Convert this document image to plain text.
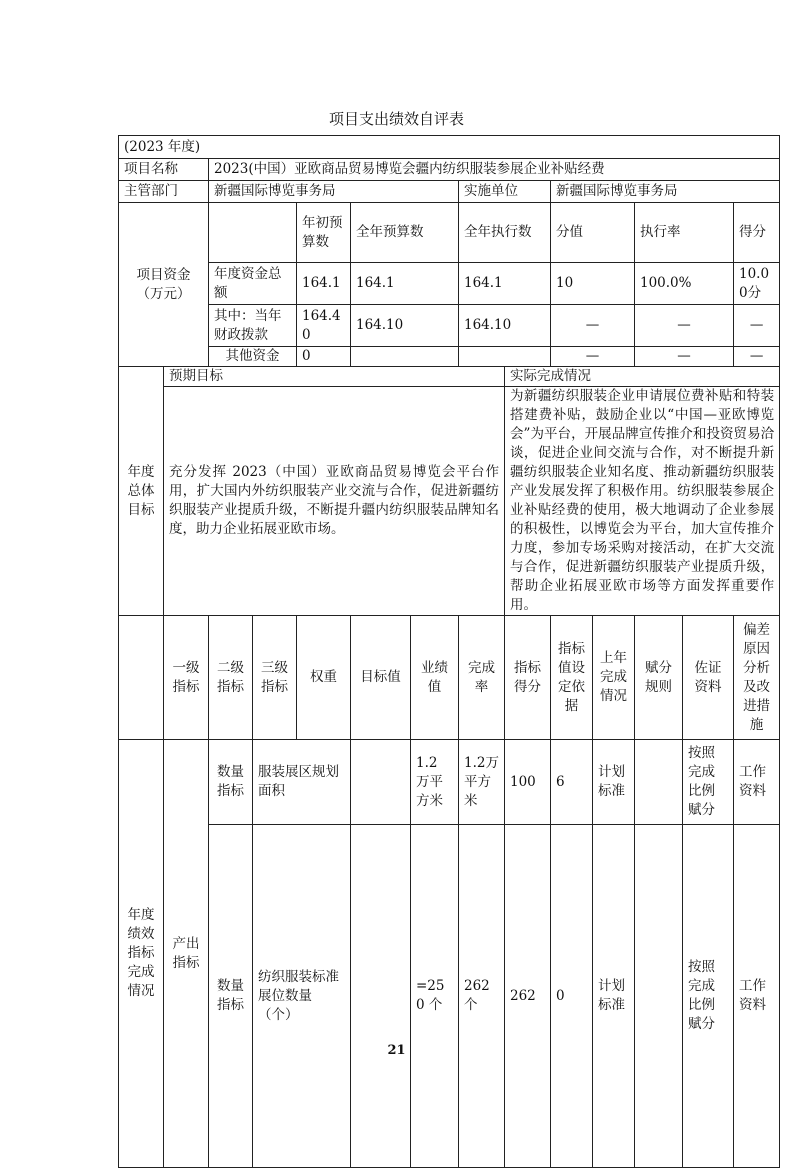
项目支出绩效自评表
(2023 年度)														
项目名称		2023(中国）亚欧商品贸易博览会疆内纺织服装参展企业补贴经费												
主管部门		新疆国际博览事务局					实施单位		新疆国际博览事务局					
项目资金（万元）				年初预算数	全年预算数		全年执行数		分值		执行率		得分	
		年度资金总额		164.1	164.1		164.1		10		100.0%		10.00分	
		其中：当年财政拨款		164.40	164.10		164.10		—		—		—	
		其他资金		0					—		—		—	
年度总体目标	预期目标							实际完成情况						
	充分发挥 2023（中国）亚欧商品贸易博览会平台作用，扩大国内外纺织服装产业交流与合作，促进新疆纺织服装产业提质升级，不断提升疆内纺织服装品牌知名度，助力企业拓展亚欧市场。							为新疆纺织服装企业申请展位费补贴和特装搭建费补贴，鼓励企业以“中国—亚欧博览会”为平台，开展品牌宣传推介和投资贸易洽谈，促进企业间交流与合作，对不断提升新疆纺织服装企业知名度、推动新疆纺织服装产业发展发挥了积极作用。纺织服装参展企业补贴经费的使用，极大地调动了企业参展的积极性，以博览会为平台，加大宣传推介力度，参加专场采购对接活动，在扩大交流与合作，促进新疆纺织服装产业提质升级，帮助企业拓展亚欧市场等方面发挥重要作用。						
	一级指标	二级指标	三级指标	权重	目标值	业绩值	完成率	指标得分	指标值设定依据	上年完成情况	赋分规则	佐证资料	偏差原因分析及改进措施	
年度绩效指标完成情况	产出指标	数量指标	服装展区规划面积			1.2 万平方米	1.2万平方米	100	6	计划标准		按照完成比例赋分	工作资料	
		数量指标	纺织服装标准展位数量（个）			=250 个	262个	262	0	计划标准		按照完成比例赋分	工作资料	
21
